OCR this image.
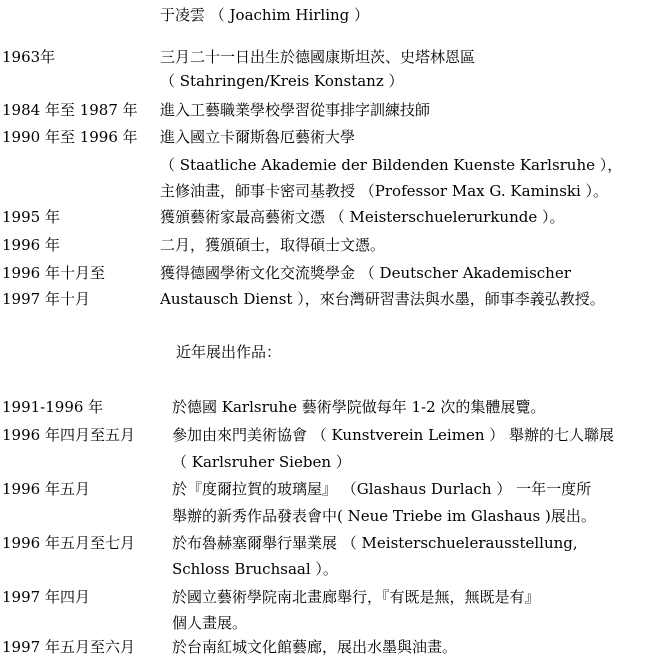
于凌雲 （ Joachim Hirling ）
1963年	三月二十一日出生於德國康斯坦茨、史塔林恩區
（ Stahringen/Kreis Konstanz ）
1984 年至 1987 年 進入工藝職業學校學習從事排字訓練技師
1990 年至 1996 年 進入國立卡爾斯魯厄藝術大學
（ Staatliche Akademie der Bildenden Kuenste Karlsruhe ），
主修油畫，師事卡密司基教授 （Professor Max G. Kaminski ）。
1995 年	獲頒藝術家最高藝術文憑 （ Meisterschuelerurkunde ）。
1996 年	二月，獲頒碩士，取得碩士文憑。
1996 年十月至	獲得德國學術文化交流獎學金 （ Deutscher Akademischer
1997 年十月	Austausch Dienst ），來台灣研習書法與水墨，師事李義弘教授。
近年展出作品：
1991-1996 年	於德國 Karlsruhe 藝術學院做每年 1-2 次的集體展覽。
1996 年四月至五月 參加由來門美術協會 （ Kunstverein Leimen ） 舉辦的七人聯展
（ Karlsruher Sieben ）
1996 年五月	於『度爾拉賀的玻璃屋』 （Glashaus Durlach ） 一年一度所
舉辦的新秀作品發表會中( Neue Triebe im Glashaus )展出。
1996 年五月至七月 於布魯赫塞爾舉行畢業展 （ Meisterschuelerausstellung,
Schloss Bruchsaal ）。
1997 年四月	於國立藝術學院南北畫廊舉行，『有既是無，無既是有』
個人畫展。
1997 年五月至六月 於台南紅城文化館藝廊，展出水墨與油畫。
